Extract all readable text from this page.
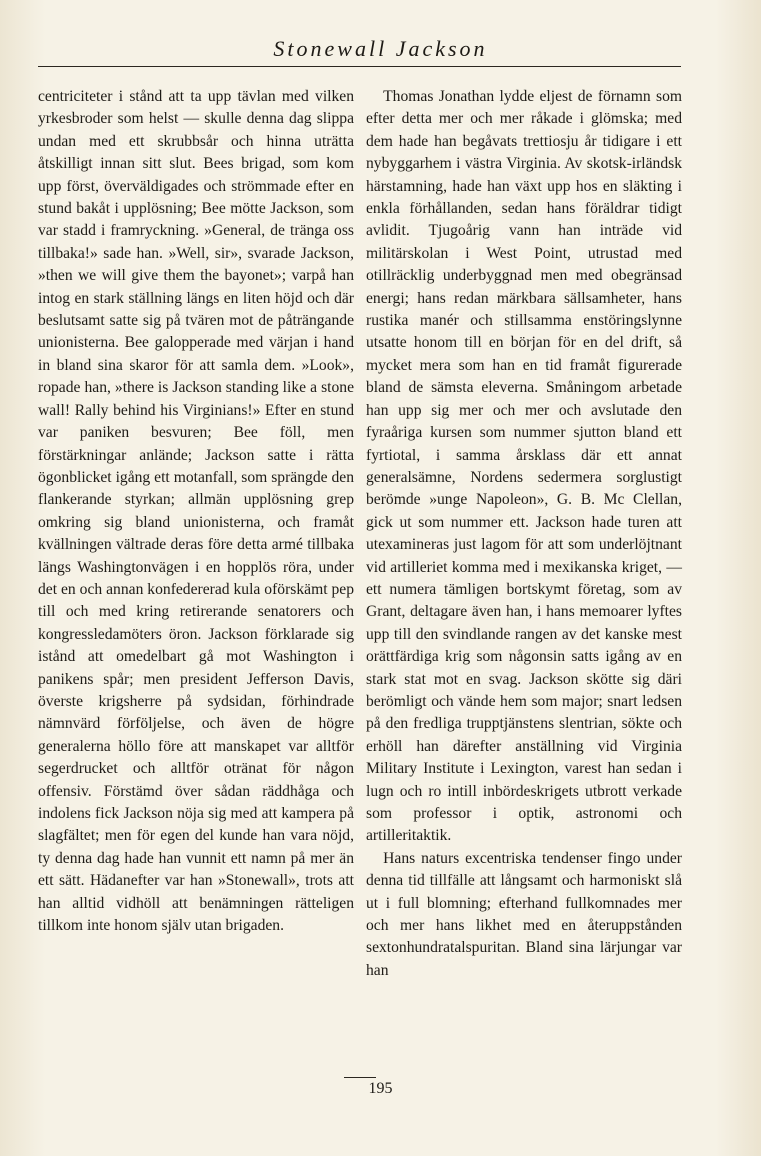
Stonewall Jackson

centriciteter i stånd att ta upp tävlan med vilken yrkesbroder som helst — skulle denna dag slippa undan med ett skrubbsår och hinna uträtta åtskilligt innan sitt slut. Bees brigad, som kom upp först, överväldigades och strömmade efter en stund bakåt i upplösning; Bee mötte Jackson, som var stadd i framryckning. »General, de tränga oss tillbaka!» sade han. »Well, sir», svarade Jackson, »then we will give them the bayonet»; varpå han intog en stark ställning längs en liten höjd och där beslutsamt satte sig på tvären mot de påträngande unionisterna. Bee galopperade med värjan i hand in bland sina skaror för att samla dem. »Look», ropade han, »there is Jackson standing like a stone wall! Rally behind his Virginians!» Efter en stund var paniken besvuren; Bee föll, men förstärkningar anlände; Jackson satte i rätta ögonblicket igång ett motanfall, som sprängde den flankerande styrkan; allmän upplösning grep omkring sig bland unionisterna, och framåt kvällningen vältrade deras före detta armé tillbaka längs Washingtonvägen i en hopplös röra, under det en och annan konfedererad kula oförskämt pep till och med kring retirerande senatorers och kongressledamöters öron. Jackson förklarade sig istånd att omedelbart gå mot Washington i panikens spår; men president Jefferson Davis, överste krigsherre på sydsidan, förhindrade nämnvärd förföljelse, och även de högre generalerna höllo före att manskapet var alltför segerdrucket och alltför otränat för någon offensiv. Förstämd över sådan räddhåga och indolens fick Jackson nöja sig med att kampera på slagfältet; men för egen del kunde han vara nöjd, ty denna dag hade han vunnit ett namn på mer än ett sätt. Hädanefter var han »Stonewall», trots att han alltid vidhöll att benämningen rätteligen tillkom inte honom själv utan brigaden.

Thomas Jonathan lydde eljest de förnamn som efter detta mer och mer råkade i glömska; med dem hade han begåvats trettiosju år tidigare i ett nybyggarhem i västra Virginia. Av skotsk-irländsk härstamning, hade han växt upp hos en släkting i enkla förhållanden, sedan hans föräldrar tidigt avlidit. Tjugoårig vann han inträde vid militärskolan i West Point, utrustad med otillräcklig underbyggnad men med obegränsad energi; hans redan märkbara sällsamheter, hans rustika manér och stillsamma enstöringslynne utsatte honom till en början för en del drift, så mycket mera som han en tid framåt figurerade bland de sämsta eleverna. Småningom arbetade han upp sig mer och mer och avslutade den fyraåriga kursen som nummer sjutton bland ett fyrtiotal, i samma årsklass där ett annat generalsämne, Nordens sedermera sorglustigt berömde »unge Napoleon», G. B. Mc Clellan, gick ut som nummer ett. Jackson hade turen att utexamineras just lagom för att som underlöjtnant vid artilleriet komma med i mexikanska kriget, — ett numera tämligen bortskymt företag, som av Grant, deltagare även han, i hans memoarer lyftes upp till den svindlande rangen av det kanske mest orättfärdiga krig som någonsin satts igång av en stark stat mot en svag. Jackson skötte sig däri berömligt och vände hem som major; snart ledsen på den fredliga trupptjänstens slentrian, sökte och erhöll han därefter anställning vid Virginia Military Institute i Lexington, varest han sedan i lugn och ro intill inbördeskrigets utbrott verkade som professor i optik, astronomi och artilleritaktik.

Hans naturs excentriska tendenser fingo under denna tid tillfälle att långsamt och harmoniskt slå ut i full blomning; efterhand fullkomnades mer och mer hans likhet med en återuppstånden sextonhundratalspuritan. Bland sina lärjungar var han

195
